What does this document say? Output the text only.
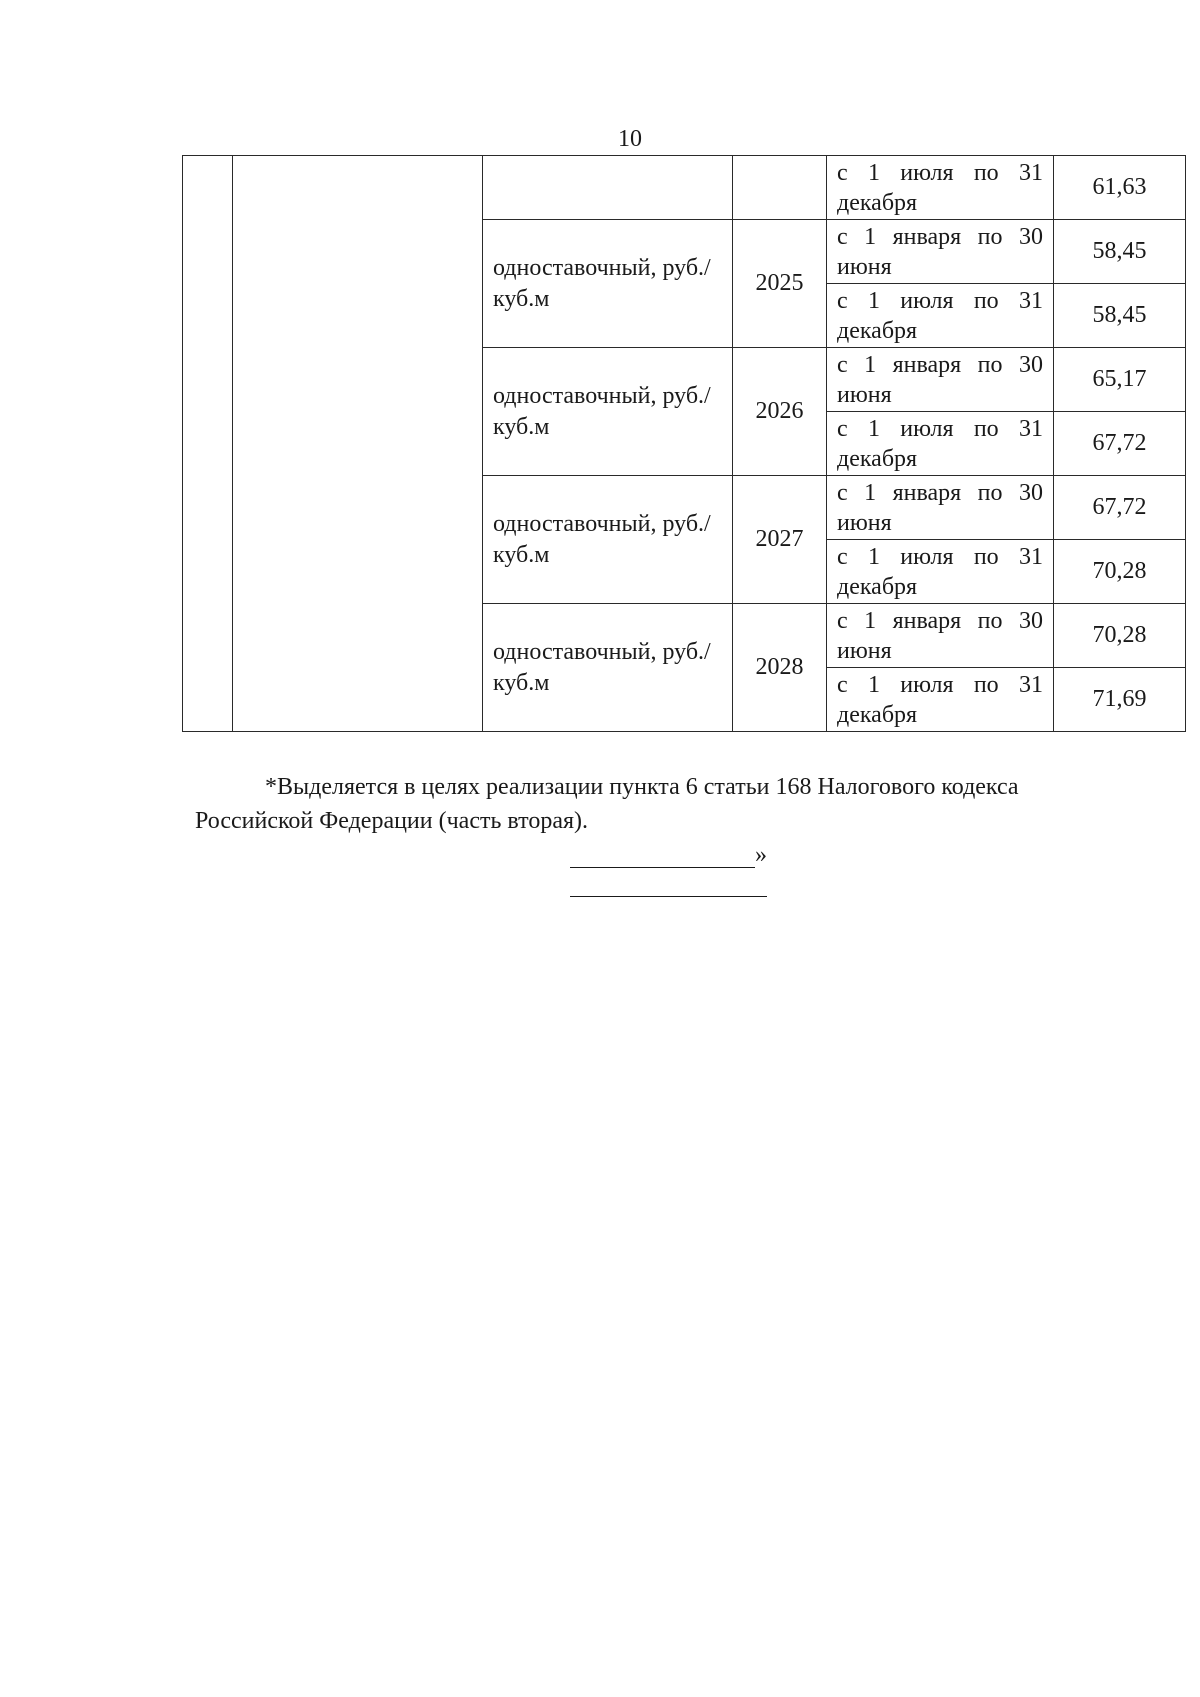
10
				с 1 июля по 31 декабря	61,63
		одноставочный, руб./куб.м	2025	с 1 января по 30 июня	58,45
				с 1 июля по 31 декабря	58,45
		одноставочный, руб./куб.м	2026	с 1 января по 30 июня	65,17
				с 1 июля по 31 декабря	67,72
		одноставочный, руб./куб.м	2027	с 1 января по 30 июня	67,72
				с 1 июля по 31 декабря	70,28
		одноставочный, руб./куб.м	2028	с 1 января по 30 июня	70,28
				с 1 июля по 31 декабря	71,69

*Выделяется в целях реализации пункта 6 статьи 168 Налогового кодекса Российской Федерации (часть вторая).

»
